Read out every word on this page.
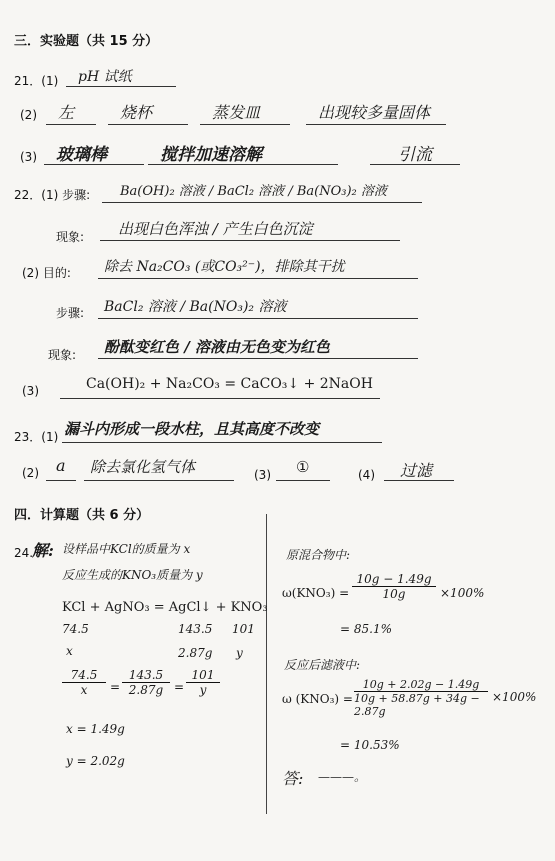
三．实验题（共 15 分）
21．(1) pH 试纸
(2) 左	烧杯	蒸发皿	出现较多量固体
(3) 玻璃棒	搅拌加速溶解	引流
22．(1) 步骤: Ba(OH)₂ 溶液 / BaCl₂ 溶液 / Ba(NO₃)₂ 溶液
现象: 出现白色浑浊 / 产生白色沉淀
(2) 目的: 除去 Na₂CO₃ (或CO₃²⁻)，排除其干扰
步骤: BaCl₂ 溶液 / Ba(NO₃)₂ 溶液
现象: 酚酞变红色 / 溶液由无色变为红色
(3)	Ca(OH)₂ + Na₂CO₃ = CaCO₃↓ + 2NaOH
23．(1) 漏斗内形成一段水柱，且其高度不改变
(2) a 除去氯化氢气体	(3) ①	(4) 过滤
四．计算题（共 6 分）
24.
解: 设样品中KCl的质量为 x
反应生成的KNO₃质量为 y
KCl + AgNO₃ = AgCl↓ + KNO₃
74.5	143.5 101
x	2.87g y
74.5
x =
143.5
2.87g =
101
y
x = 1.49g
y = 2.02g
原混合物中:
ω(KNO₃) =
10g − 1.49g
10g	×100%
= 85.1%
反应后滤液中:
ω (KNO₃) =
10g + 2.02g − 1.49g
10g + 58.87g + 34g − 2.87g
×100%
= 10.53%
答: ———。
